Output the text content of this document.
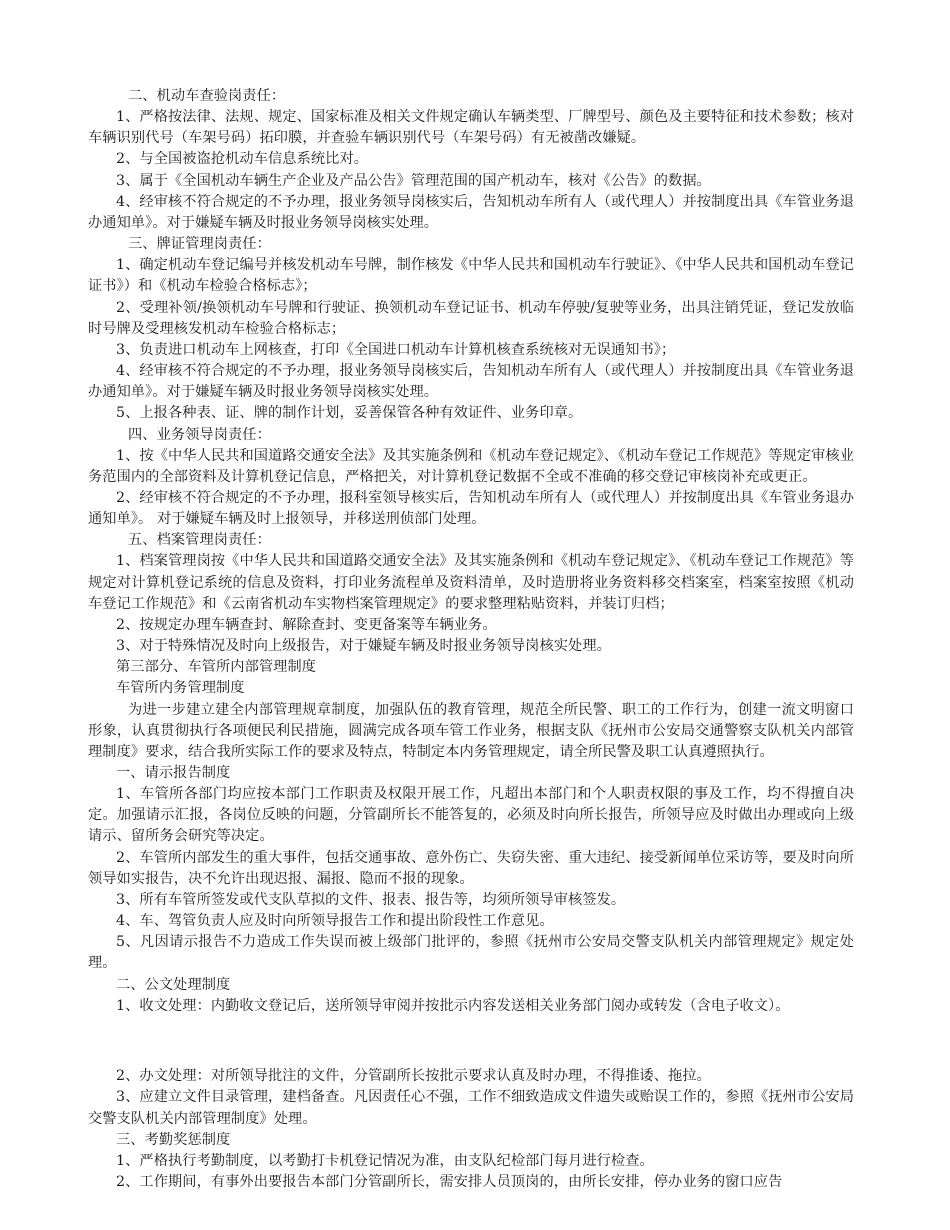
二、机动车查验岗责任：

1、严格按法律、法规、规定、国家标准及相关文件规定确认车辆类型、厂牌型号、颜色及主要特征和技术参数；核对车辆识别代号（车架号码）拓印膜，并查验车辆识别代号（车架号码）有无被凿改嫌疑。

2、与全国被盗抢机动车信息系统比对。

3、属于《全国机动车辆生产企业及产品公告》管理范围的国产机动车，核对《公告》的数据。

4、经审核不符合规定的不予办理，报业务领导岗核实后，告知机动车所有人（或代理人）并按制度出具《车管业务退办通知单》。对于嫌疑车辆及时报业务领导岗核实处理。

三、牌证管理岗责任：

1、确定机动车登记编号并核发机动车号牌，制作核发《中华人民共和国机动车行驶证》、《中华人民共和国机动车登记证书》）和《机动车检验合格标志》；

2、受理补领/换领机动车号牌和行驶证、换领机动车登记证书、机动车停驶/复驶等业务，出具注销凭证，登记发放临时号牌及受理核发机动车检验合格标志；

3、负责进口机动车上网核查，打印《全国进口机动车计算机核查系统核对无误通知书》；

4、经审核不符合规定的不予办理，报业务领导岗核实后，告知机动车所有人（或代理人）并按制度出具《车管业务退办通知单》。对于嫌疑车辆及时报业务领导岗核实处理。

5、上报各种表、证、牌的制作计划，妥善保管各种有效证件、业务印章。

四、业务领导岗责任：

1、按《中华人民共和国道路交通安全法》及其实施条例和《机动车登记规定》、《机动车登记工作规范》等规定审核业务范围内的全部资料及计算机登记信息，严格把关，对计算机登记数据不全或不准确的移交登记审核岗补充或更正。

2、经审核不符合规定的不予办理，报科室领导核实后，告知机动车所有人（或代理人）并按制度出具《车管业务退办通知单》。 对于嫌疑车辆及时上报领导，并移送刑侦部门处理。

五、档案管理岗责任：

1、档案管理岗按《中华人民共和国道路交通安全法》及其实施条例和《机动车登记规定》、《机动车登记工作规范》等规定对计算机登记系统的信息及资料，打印业务流程单及资料清单，及时造册将业务资料移交档案室，档案室按照《机动车登记工作规范》和《云南省机动车实物档案管理规定》的要求整理粘贴资料，并装订归档；

2、按规定办理车辆查封、解除查封、变更备案等车辆业务。

3、对于特殊情况及时向上级报告，对于嫌疑车辆及时报业务领导岗核实处理。

第三部分、车管所内部管理制度

车管所内务管理制度

为进一步建立建全内部管理规章制度，加强队伍的教育管理，规范全所民警、职工的工作行为，创建一流文明窗口形象，认真贯彻执行各项便民利民措施，圆满完成各项车管工作业务，根据支队《抚州市公安局交通警察支队机关内部管理制度》要求，结合我所实际工作的要求及特点，特制定本内务管理规定，请全所民警及职工认真遵照执行。

一、请示报告制度

1、车管所各部门均应按本部门工作职责及权限开展工作，凡超出本部门和个人职责权限的事及工作，均不得擅自决定。加强请示汇报，各岗位反映的问题，分管副所长不能答复的，必须及时向所长报告，所领导应及时做出办理或向上级请示、留所务会研究等决定。

2、车管所内部发生的重大事件，包括交通事故、意外伤亡、失窃失密、重大违纪、接受新闻单位采访等，要及时向所领导如实报告，决不允许出现迟报、漏报、隐而不报的现象。

3、所有车管所签发或代支队草拟的文件、报表、报告等，均须所领导审核签发。

4、车、驾管负责人应及时向所领导报告工作和提出阶段性工作意见。

5、凡因请示报告不力造成工作失误而被上级部门批评的，参照《抚州市公安局交警支队机关内部管理规定》规定处理。

二、公文处理制度

1、收文处理：内勤收文登记后，送所领导审阅并按批示内容发送相关业务部门阅办或转发（含电子收文）。

2、办文处理：对所领导批注的文件，分管副所长按批示要求认真及时办理，不得推诿、拖拉。

3、应建立文件目录管理，建档备查。凡因责任心不强，工作不细致造成文件遗失或贻误工作的，参照《抚州市公安局交警支队机关内部管理制度》处理。

三、考勤奖惩制度

1、严格执行考勤制度，以考勤打卡机登记情况为准，由支队纪检部门每月进行检查。

2、工作期间，有事外出要报告本部门分管副所长，需安排人员顶岗的，由所长安排，停办业务的窗口应告
